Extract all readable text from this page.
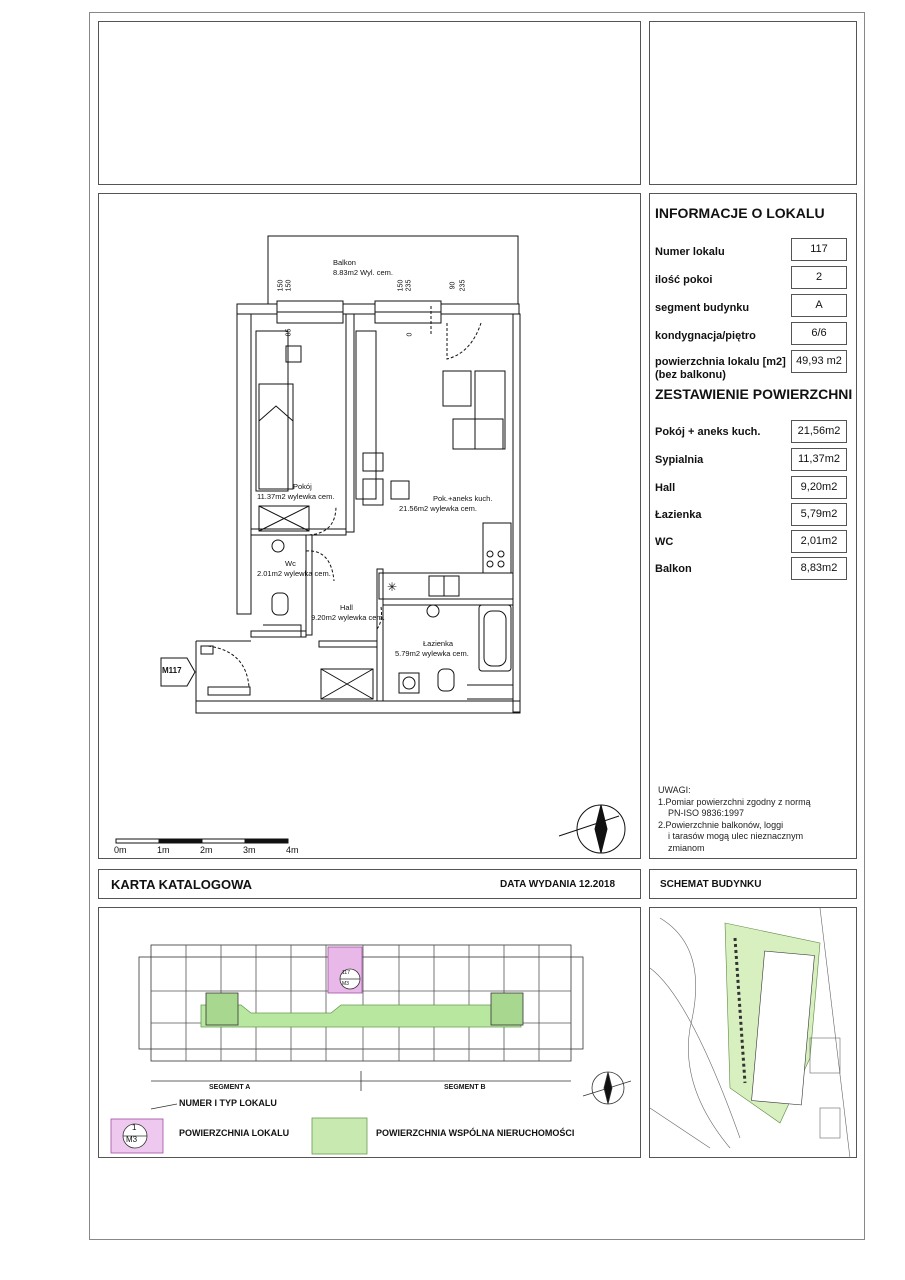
✳
Balkon
8.83m2 Wyl. cem.
Pokój
11.37m2 wylewka cem.	Pok.+aneks kuch.
21.56m2 wylewka cem.
Wc
2.01m2 wylewka cem.
Hall
9.20m2 wylewka cem.
Łazienka
5.79m2 wylewka cem.
150 150
85
150 235
0
90 235
M117
0m	1m	2m	3m	4m
INFORMACJE O LOKALU
Numer lokalu	117
ilość pokoi	2
segment budynku	A
kondygnacja/piętro	6/6
powierzchnia lokalu [m2]
(bez balkonu)
49,93 m2
ZESTAWIENIE POWIERZCHNI
Pokój + aneks kuch.	21,56m2
Sypialnia	11,37m2
Hall	9,20m2
Łazienka	5,79m2
WC	2,01m2
Balkon	8,83m2
UWAGI:
1.Pomiar powierzchni zgodny z normą
PN-ISO 9836:1997
2.Powierzchnie balkonów, loggi
i tarasów mogą ulec nieznacznym
zmianom
KARTA KATALOGOWA	DATA WYDANIA 12.2018	SCHEMAT BUDYNKU
SEGMENT A	SEGMENT B
117
M3
1
M3
NUMER I TYP LOKALU
POWIERZCHNIA LOKALU	POWIERZCHNIA WSPÓLNA NIERUCHOMOŚCI
